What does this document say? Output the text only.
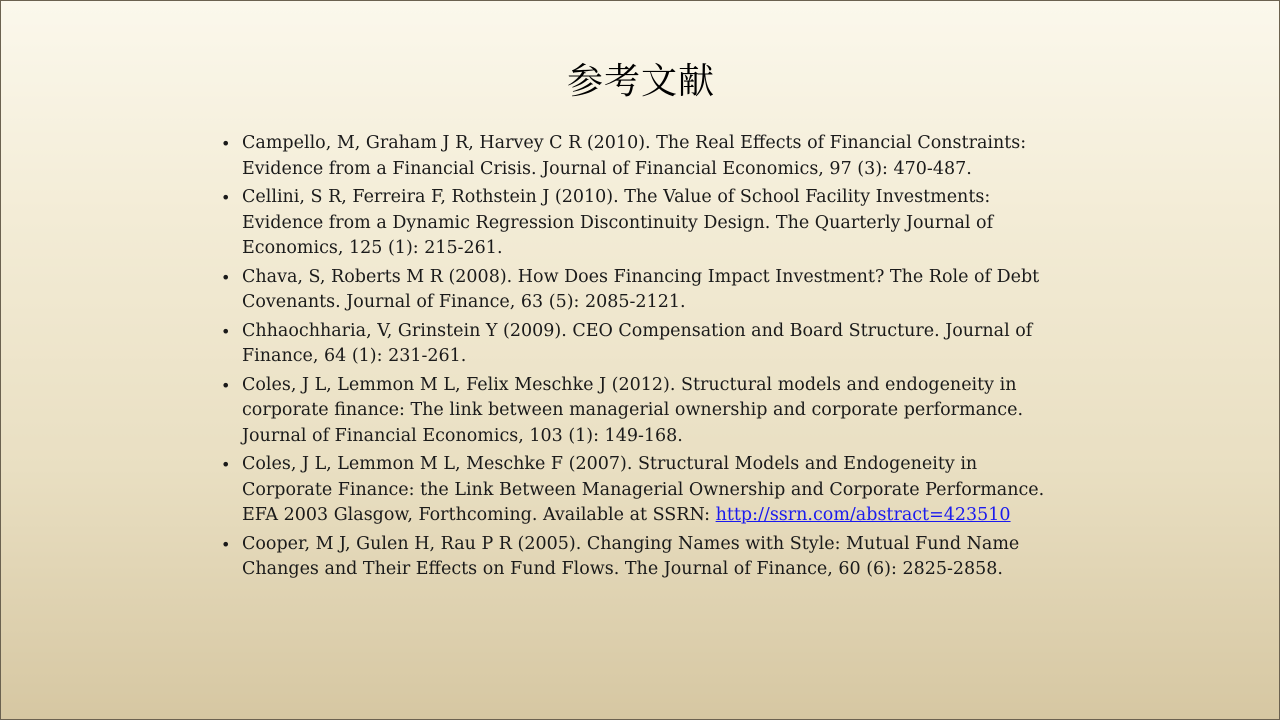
参考文献
• Campello, M, Graham J R, Harvey C R (2010). The Real Effects of Financial Constraints: Evidence from a Financial Crisis. Journal of Financial Economics, 97 (3): 470-487.
• Cellini, S R, Ferreira F, Rothstein J (2010). The Value of School Facility Investments: Evidence from a Dynamic Regression Discontinuity Design. The Quarterly Journal of Economics, 125 (1): 215-261.
• Chava, S, Roberts M R (2008). How Does Financing Impact Investment? The Role of Debt Covenants. Journal of Finance, 63 (5): 2085-2121.
• Chhaochharia, V, Grinstein Y (2009). CEO Compensation and Board Structure. Journal of Finance, 64 (1): 231-261.
• Coles, J L, Lemmon M L, Felix Meschke J (2012). Structural models and endogeneity in corporate finance: The link between managerial ownership and corporate performance. Journal of Financial Economics, 103 (1): 149-168.
• Coles, J L, Lemmon M L, Meschke F (2007). Structural Models and Endogeneity in Corporate Finance: the Link Between Managerial Ownership and Corporate Performance. EFA 2003 Glasgow, Forthcoming. Available at SSRN: http://ssrn.com/abstract=423510
• Cooper, M J, Gulen H, Rau P R (2005). Changing Names with Style: Mutual Fund Name Changes and Their Effects on Fund Flows. The Journal of Finance, 60 (6): 2825-2858.
